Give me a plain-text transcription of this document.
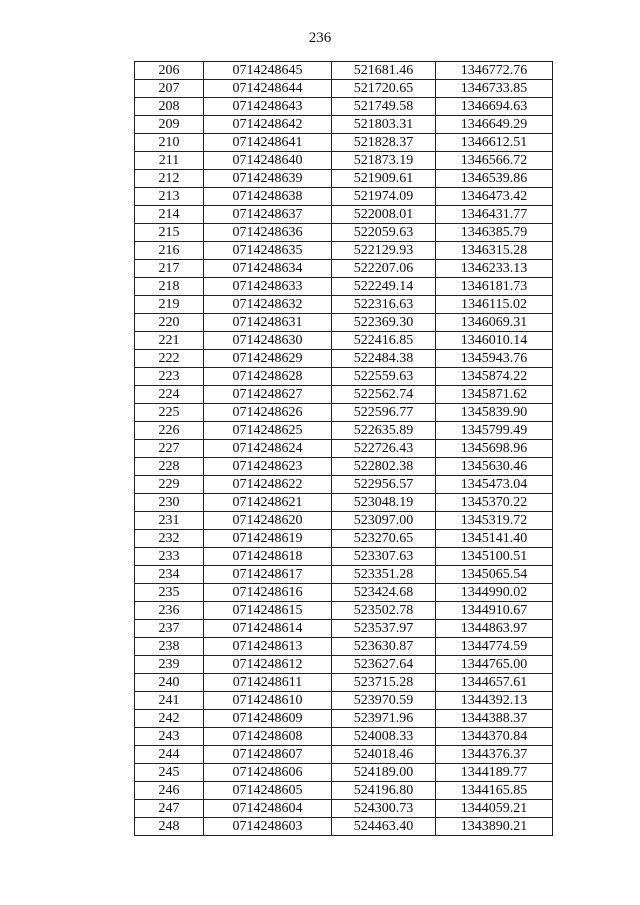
236
206	0714248645	521681.46	1346772.76
207	0714248644	521720.65	1346733.85
208	0714248643	521749.58	1346694.63
209	0714248642	521803.31	1346649.29
210	0714248641	521828.37	1346612.51
211	0714248640	521873.19	1346566.72
212	0714248639	521909.61	1346539.86
213	0714248638	521974.09	1346473.42
214	0714248637	522008.01	1346431.77
215	0714248636	522059.63	1346385.79
216	0714248635	522129.93	1346315.28
217	0714248634	522207.06	1346233.13
218	0714248633	522249.14	1346181.73
219	0714248632	522316.63	1346115.02
220	0714248631	522369.30	1346069.31
221	0714248630	522416.85	1346010.14
222	0714248629	522484.38	1345943.76
223	0714248628	522559.63	1345874.22
224	0714248627	522562.74	1345871.62
225	0714248626	522596.77	1345839.90
226	0714248625	522635.89	1345799.49
227	0714248624	522726.43	1345698.96
228	0714248623	522802.38	1345630.46
229	0714248622	522956.57	1345473.04
230	0714248621	523048.19	1345370.22
231	0714248620	523097.00	1345319.72
232	0714248619	523270.65	1345141.40
233	0714248618	523307.63	1345100.51
234	0714248617	523351.28	1345065.54
235	0714248616	523424.68	1344990.02
236	0714248615	523502.78	1344910.67
237	0714248614	523537.97	1344863.97
238	0714248613	523630.87	1344774.59
239	0714248612	523627.64	1344765.00
240	0714248611	523715.28	1344657.61
241	0714248610	523970.59	1344392.13
242	0714248609	523971.96	1344388.37
243	0714248608	524008.33	1344370.84
244	0714248607	524018.46	1344376.37
245	0714248606	524189.00	1344189.77
246	0714248605	524196.80	1344165.85
247	0714248604	524300.73	1344059.21
248	0714248603	524463.40	1343890.21
